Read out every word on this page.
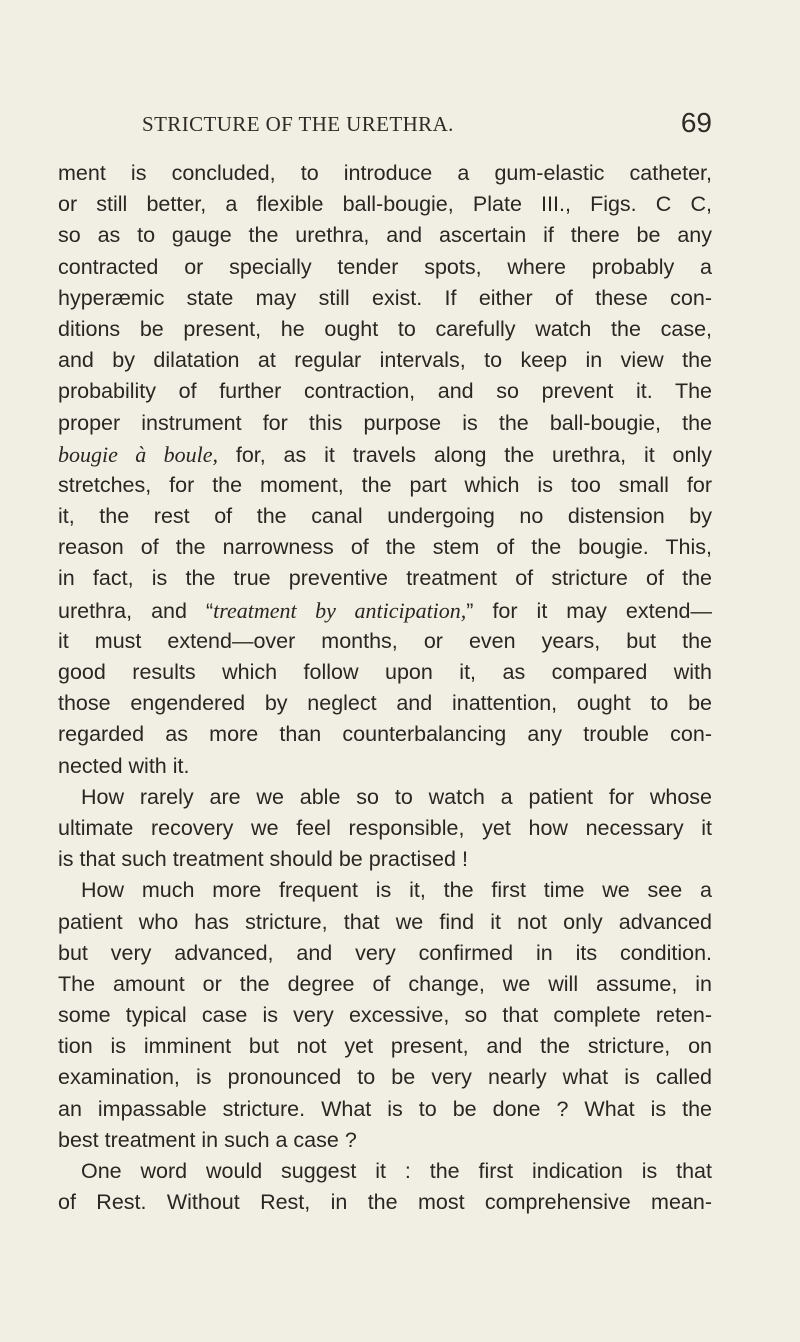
STRICTURE OF THE URETHRA.	69
ment is concluded, to introduce a gum-elastic catheter,
or still better, a flexible ball-bougie, Plate III., Figs. C C,
so as to gauge the urethra, and ascertain if there be any
contracted or specially tender spots, where probably a
hyperæmic state may still exist. If either of these con-
ditions be present, he ought to carefully watch the case,
and by dilatation at regular intervals, to keep in view the
probability of further contraction, and so prevent it. The
proper instrument for this purpose is the ball-bougie, the
bougie à boule, for, as it travels along the urethra, it only
stretches, for the moment, the part which is too small for
it, the rest of the canal undergoing no distension by
reason of the narrowness of the stem of the bougie. This,
in fact, is the true preventive treatment of stricture of the
urethra, and “treatment by anticipation,” for it may extend—
it must extend—over months, or even years, but the
good results which follow upon it, as compared with
those engendered by neglect and inattention, ought to be
regarded as more than counterbalancing any trouble con-
nected with it.
How rarely are we able so to watch a patient for whose
ultimate recovery we feel responsible, yet how necessary it
is that such treatment should be practised !
How much more frequent is it, the first time we see a
patient who has stricture, that we find it not only advanced
but very advanced, and very confirmed in its condition.
The amount or the degree of change, we will assume, in
some typical case is very excessive, so that complete reten-
tion is imminent but not yet present, and the stricture, on
examination, is pronounced to be very nearly what is called
an impassable stricture. What is to be done ? What is the
best treatment in such a case ?
One word would suggest it : the first indication is that
of Rest. Without Rest, in the most comprehensive mean-
